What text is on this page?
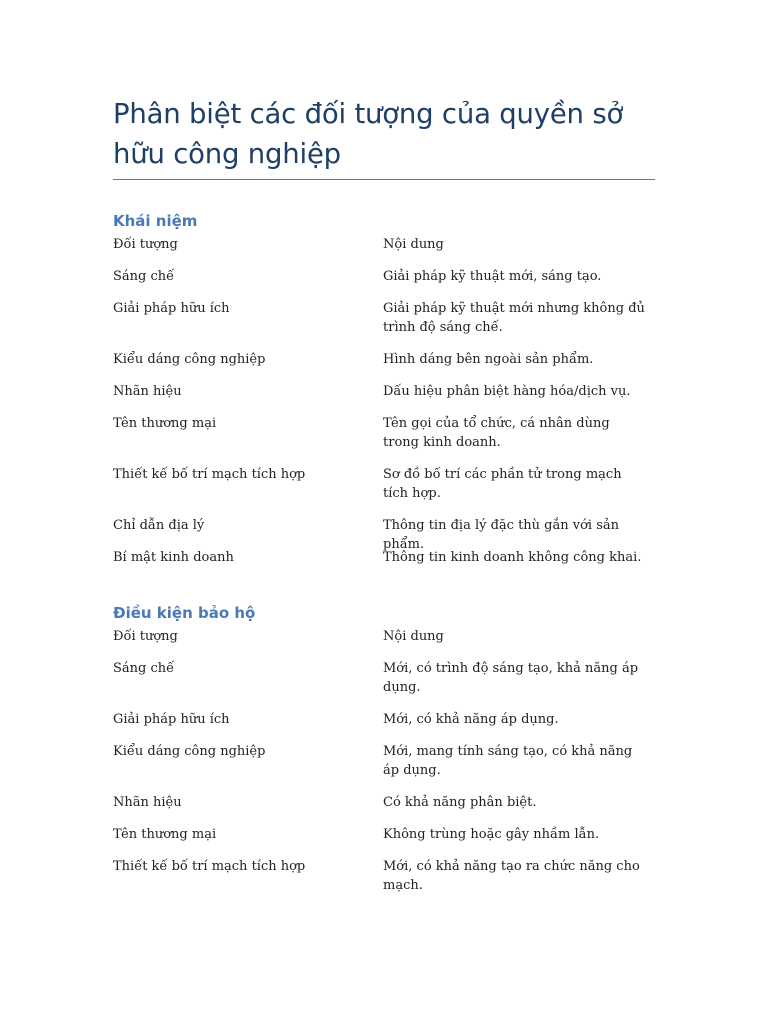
Phân biệt các đối tượng của quyền sở hữu công nghiệp
Khái niệm
Đối tượng	Nội dung
Sáng chế	Giải pháp kỹ thuật mới, sáng tạo.
Giải pháp hữu ích	Giải pháp kỹ thuật mới nhưng không đủ trình độ sáng chế.
Kiểu dáng công nghiệp	Hình dáng bên ngoài sản phẩm.
Nhãn hiệu	Dấu hiệu phân biệt hàng hóa/dịch vụ.
Tên thương mại	Tên gọi của tổ chức, cá nhân dùng trong kinh doanh.
Thiết kế bố trí mạch tích hợp	Sơ đồ bố trí các phần tử trong mạch tích hợp.
Chỉ dẫn địa lý	Thông tin địa lý đặc thù gắn với sản phẩm.
Bí mật kinh doanh	Thông tin kinh doanh không công khai.
Điều kiện bảo hộ
Đối tượng	Nội dung
Sáng chế	Mới, có trình độ sáng tạo, khả năng áp dụng.
Giải pháp hữu ích	Mới, có khả năng áp dụng.
Kiểu dáng công nghiệp	Mới, mang tính sáng tạo, có khả năng áp dụng.
Nhãn hiệu	Có khả năng phân biệt.
Tên thương mại	Không trùng hoặc gây nhầm lẫn.
Thiết kế bố trí mạch tích hợp	Mới, có khả năng tạo ra chức năng cho mạch.
